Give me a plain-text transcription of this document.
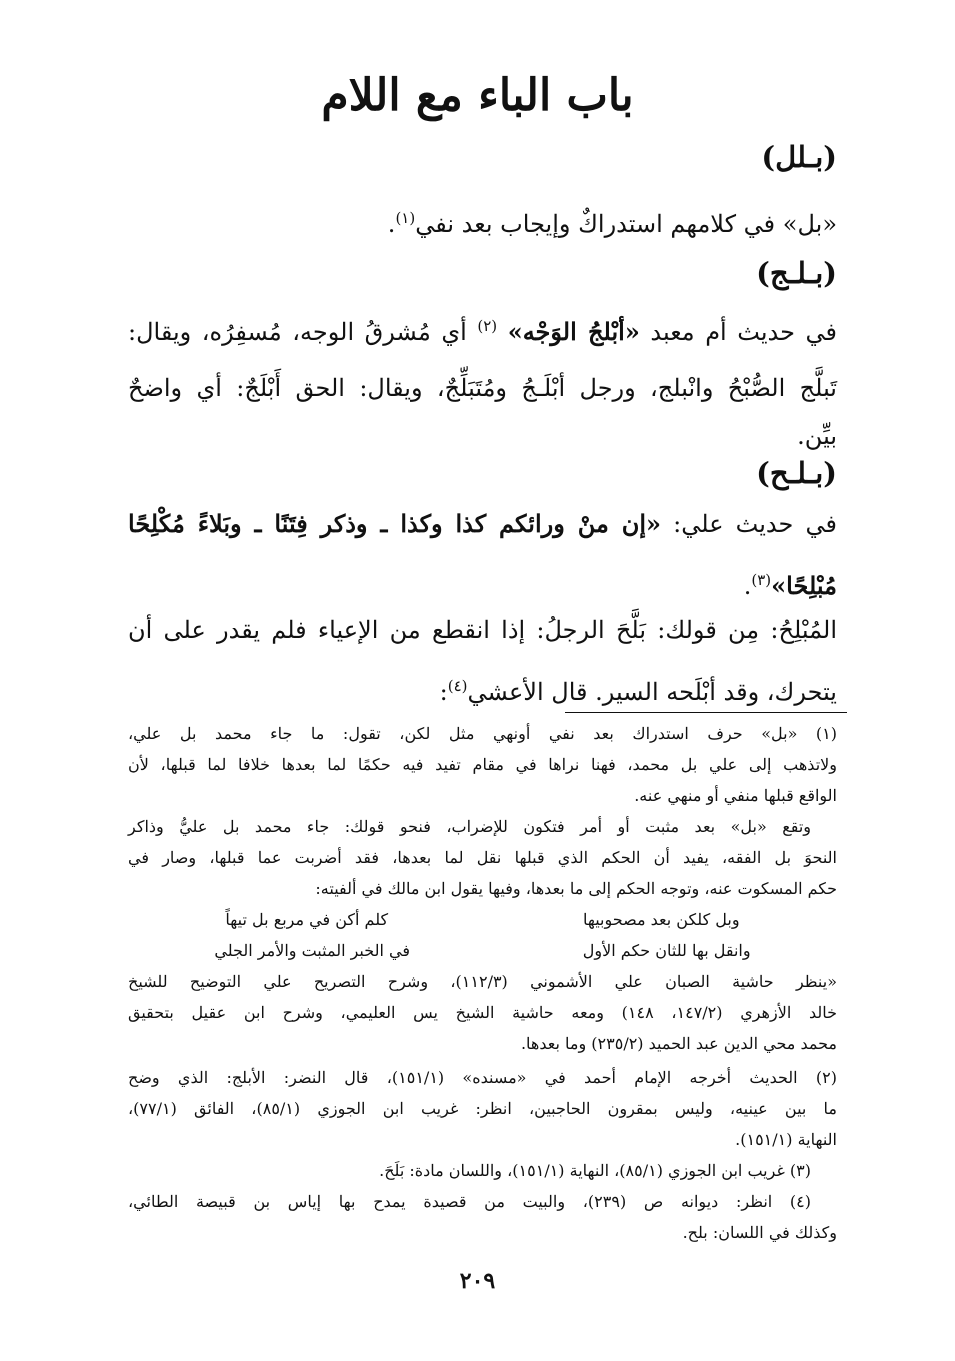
باب الباء مع اللام
(بـلل)
«بل» في كلامهم استدراكٌ وإيجاب بعد نفي$^{(١)}$.
(بـلـج)
في حديث أم معبد «أبْلجُ الوَجْه» $^{(٢)}$ أي مُشرقُ الوجه، مُسفِرُه، ويقال:
تَبلَّج الصُّبْحُ وانْبلج، ورجل أبْلَـجُ ومُتَبَلِّجٌ، ويقال: الحق أَبْلَجٌ: أي واضحٌ
بيِّن.
(بـلـح)
في حديث علي: «إن منْ ورائكم كذا وكذا ـ وذكر فِتَنًا ـ وبَلاءً مُكْلِحًا
مُبْلِحًا»$^{(٣)}$.
المُبْلِحُ: مِن قولك: بَلَّحَ الرجلُ: إذا انقطع من الإعياء فلم يقدر على أن
يتحرك، وقد أبْلَحه السير. قال الأعشي$^{(٤)}$:
(١) «بل» حرف استدراك بعد نفي أونهي مثل لكن، تقول: ما جاء محمد بل علي،
ولاتذهب إلى علي بل محمد، فهنا نراها في مقام تفيد فيه حكمًا لما بعدها خلافا لما قبلها، لأن
الواقع قبلها منفي أو منهي عنه.
وتقع «بل» بعد مثبت أو أمر فتكون للإضراب، فنحو قولك: جاء محمد بل عليُّ وذاكر
النحوَ بل الفقه، يفيد أن الحكم الذي قبلها نقل لما بعدها، فقد أضربت عما قبلها، وصار في
حكم المسكوت عنه، وتوجه الحكم إلى ما بعدها، وفيها يقول ابن مالك في ألفيته:
وبل كلكن بعد مصحوبيها
كلم أكن في مربع بل تيهاً
وانقل بها للثان حكم الأول
في الخبر المثبت والأمر الجلي
«ينظر حاشية الصبان علي الأشموني (١١٢/٣)، وشرح التصريح علي التوضيح للشيخ
خالد الأزهري (١٤٧/٢، ١٤٨) ومعه حاشية الشيخ يس العليمي، وشرح ابن عقيل بتحقيق
محمد محي الدين عبد الحميد (٢٣٥/٢) وما بعدها.
(٢) الحديث أخرجه الإمام أحمد في «مسنده» (١٥١/١)، قال النضر: الأبلج: الذي وضح
ما بين عينيه، وليس بمقرون الحاجبين، انظر: غريب ابن الجوزي (٨٥/١)، الفائق (٧٧/١)،
النهاية (١٥١/١).
(٣) غريب ابن الجوزي (٨٥/١)، النهاية (١٥١/١)، واللسان مادة: بَلَحَ.
(٤) انظر: ديوانه ص (٢٣٩)، والبيت من قصيدة يمدح بها إياس بن قبيصة الطائي،
وكذلك في اللسان: بلح.
٢٠٩
